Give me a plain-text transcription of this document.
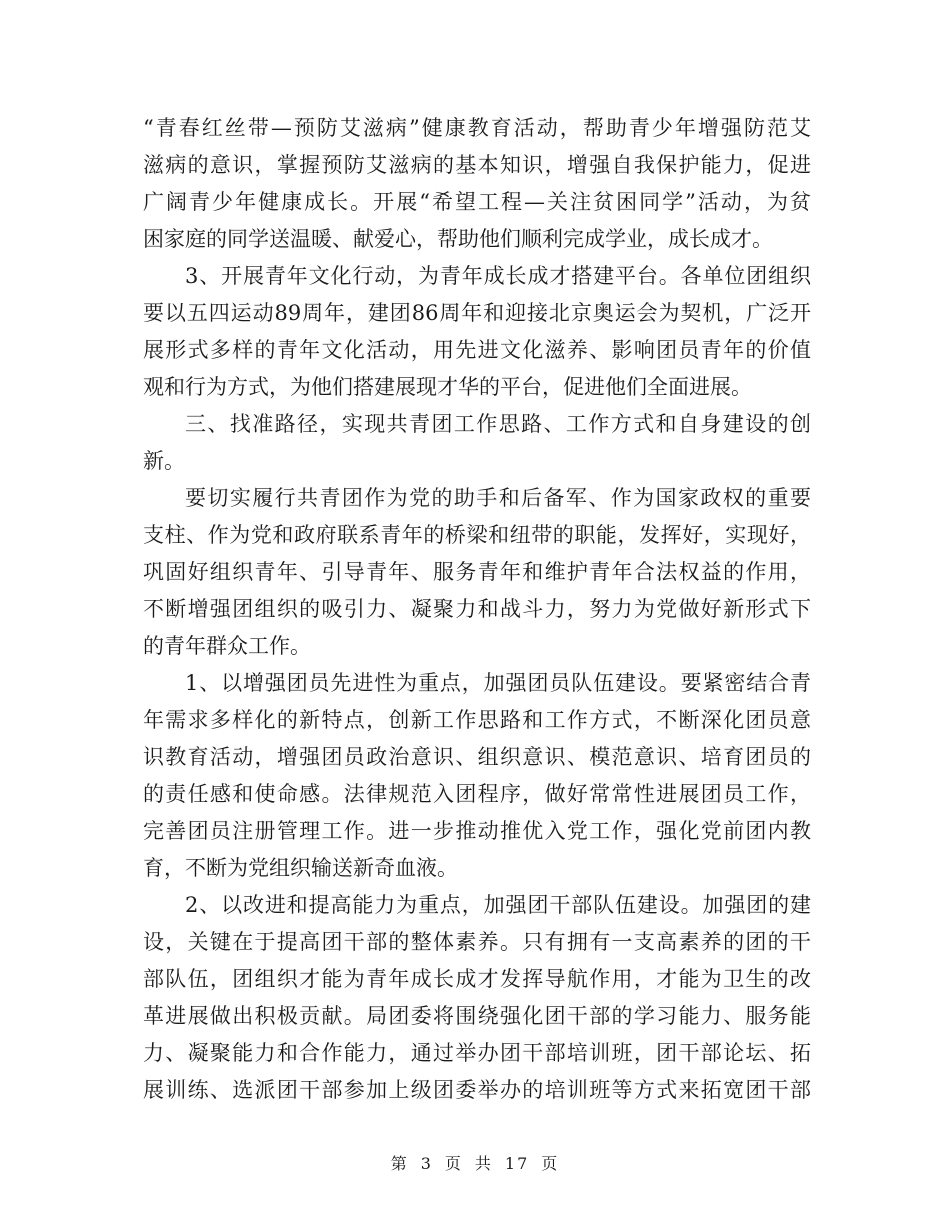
“青春红丝带—预防艾滋病”健康教育活动，帮助青少年增强防范艾
滋病的意识，掌握预防艾滋病的基本知识，增强自我保护能力，促进
广阔青少年健康成长。开展“希望工程—关注贫困同学”活动，为贫
困家庭的同学送温暖、献爱心，帮助他们顺利完成学业，成长成才。
3、开展青年文化行动，为青年成长成才搭建平台。各单位团组织
要以五四运动89周年，建团86周年和迎接北京奥运会为契机，广泛开
展形式多样的青年文化活动，用先进文化滋养、影响团员青年的价值
观和行为方式，为他们搭建展现才华的平台，促进他们全面进展。
三、找准路径，实现共青团工作思路、工作方式和自身建设的创
新。
要切实履行共青团作为党的助手和后备军、作为国家政权的重要
支柱、作为党和政府联系青年的桥梁和纽带的职能，发挥好，实现好，
巩固好组织青年、引导青年、服务青年和维护青年合法权益的作用，
不断增强团组织的吸引力、凝聚力和战斗力，努力为党做好新形式下
的青年群众工作。
1、以增强团员先进性为重点，加强团员队伍建设。要紧密结合青
年需求多样化的新特点，创新工作思路和工作方式，不断深化团员意
识教育活动，增强团员政治意识、组织意识、模范意识、培育团员的
的责任感和使命感。法律规范入团程序，做好常常性进展团员工作，
完善团员注册管理工作。进一步推动推优入党工作，强化党前团内教
育，不断为党组织输送新奇血液。
2、以改进和提高能力为重点，加强团干部队伍建设。加强团的建
设，关键在于提高团干部的整体素养。只有拥有一支高素养的团的干
部队伍，团组织才能为青年成长成才发挥导航作用，才能为卫生的改
革进展做出积极贡献。局团委将围绕强化团干部的学习能力、服务能
力、凝聚能力和合作能力，通过举办团干部培训班，团干部论坛、拓
展训练、选派团干部参加上级团委举办的培训班等方式来拓宽团干部
第 3 页 共 17 页
